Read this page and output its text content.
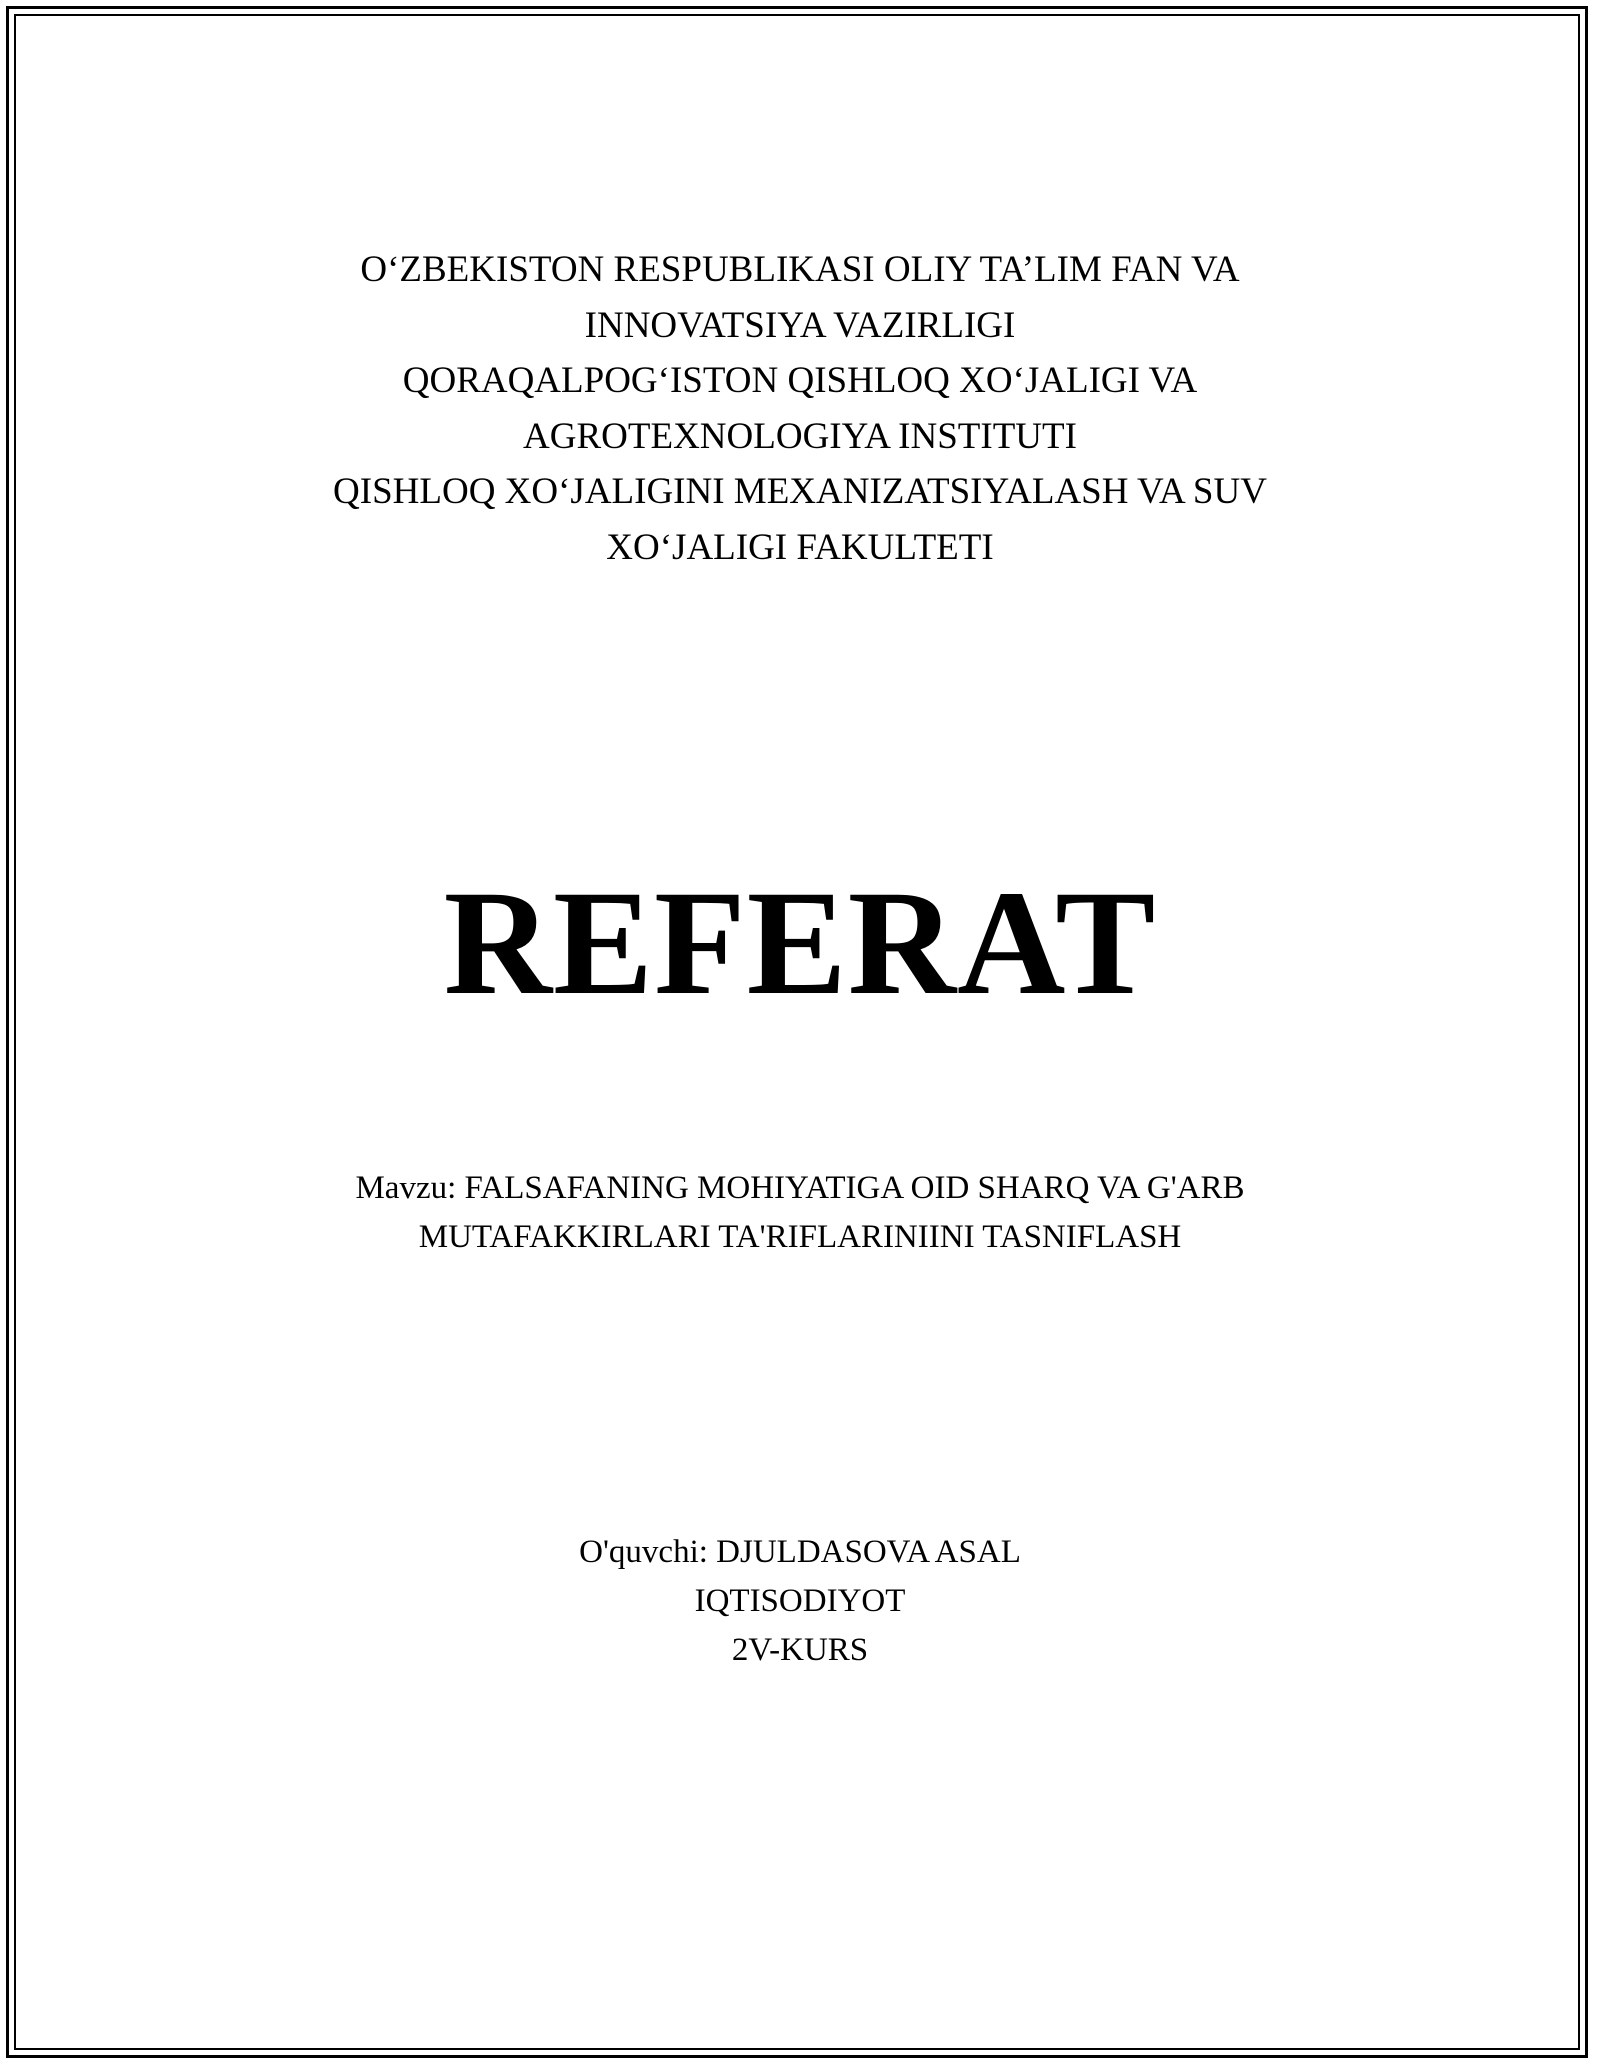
O‘ZBEKISTON RESPUBLIKASI OLIY TA’LIM FAN VA
INNOVATSIYA VAZIRLIGI
QORAQALPOG‘ISTON QISHLOQ XO‘JALIGI VA
AGROTEXNOLOGIYA INSTITUTI
QISHLOQ XO‘JALIGINI MEXANIZATSIYALASH VA SUV
XO‘JALIGI FAKULTETI
REFERAT
Mavzu: FALSAFANING MOHIYATIGA OID SHARQ VA G'ARB
MUTAFAKKIRLARI TA'RIFLARINIINI TASNIFLASH
O'quvchi: DJULDASOVA ASAL
IQTISODIYOT
2V-KURS
